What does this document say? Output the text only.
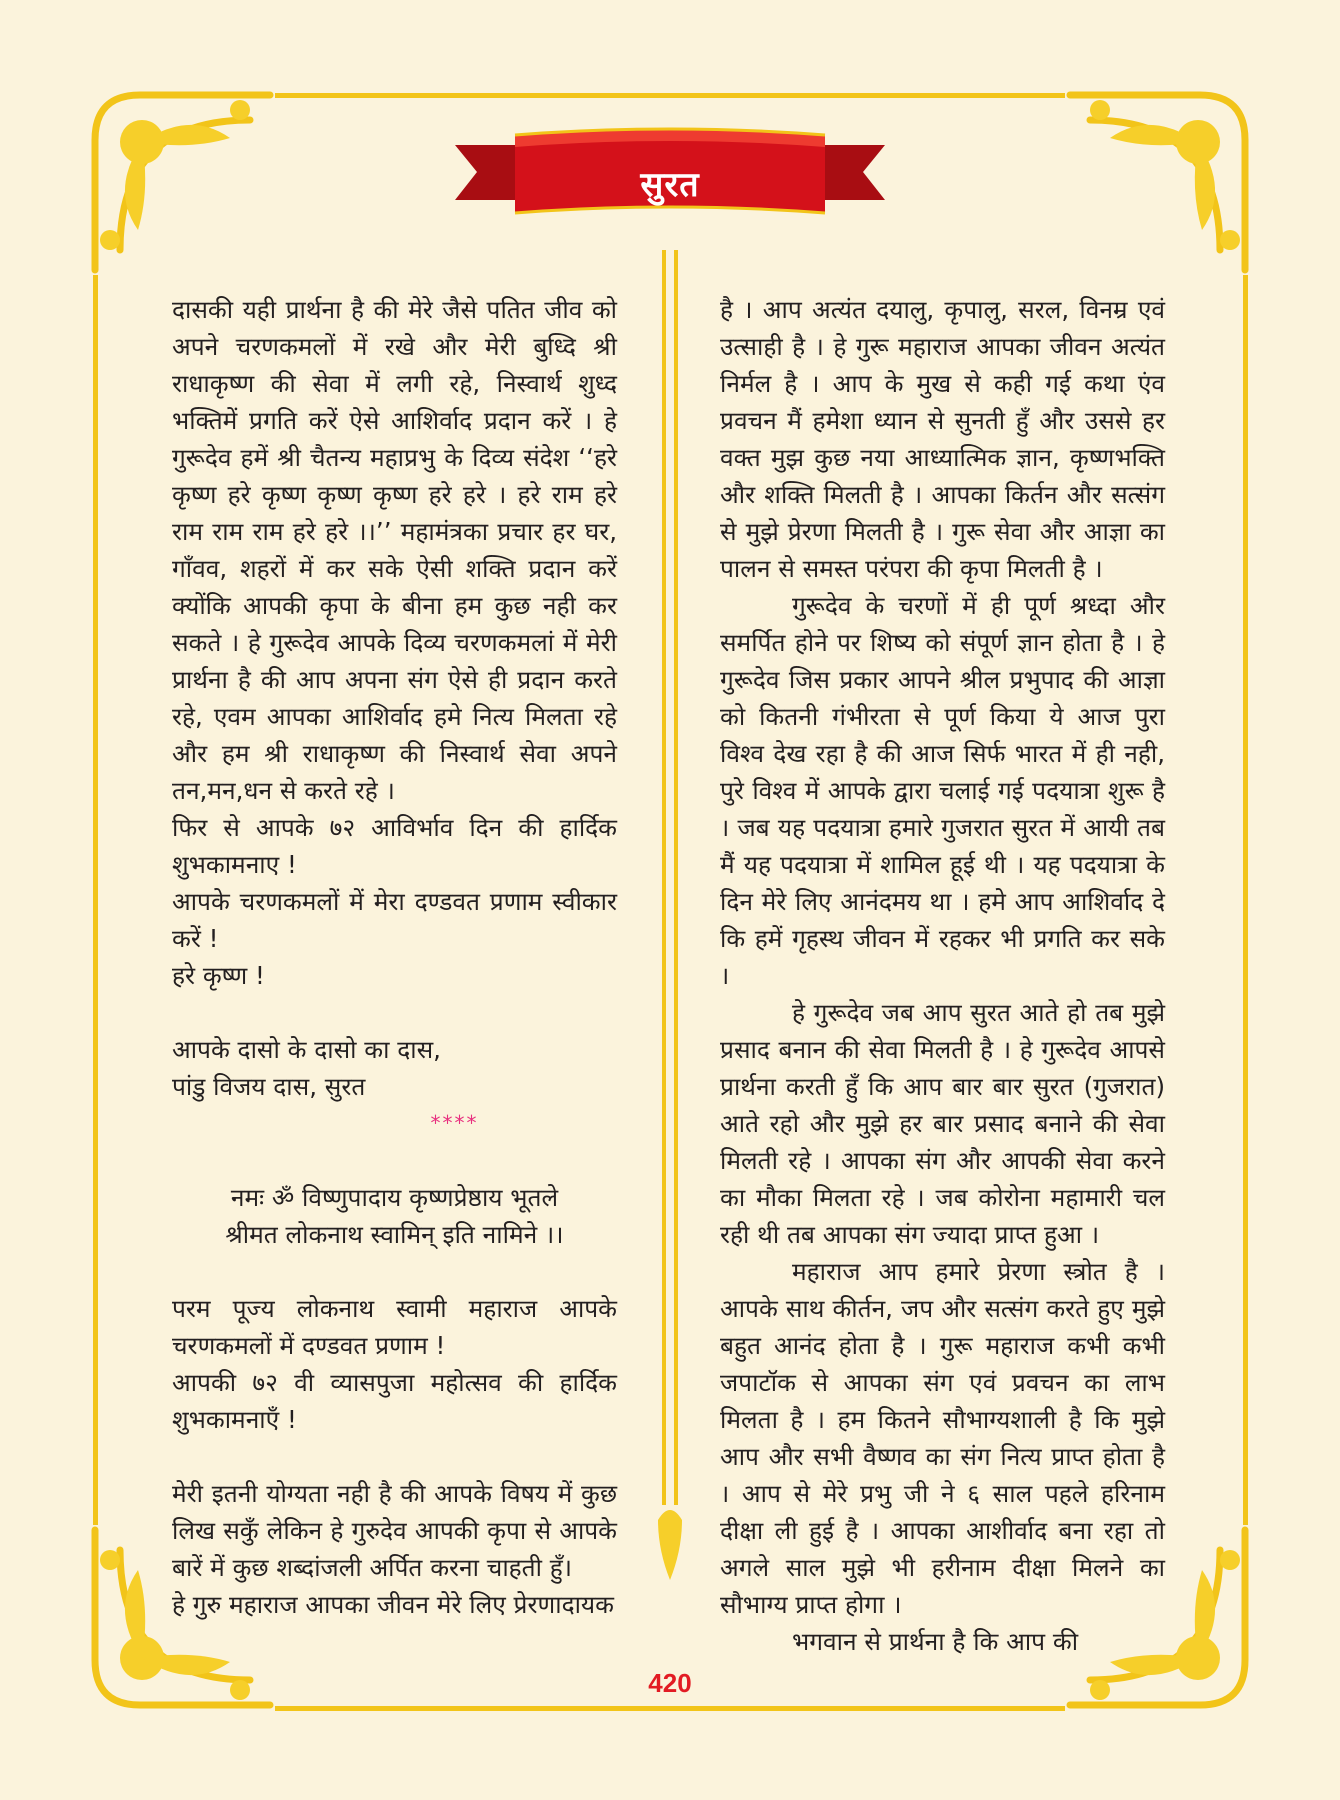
सुरत

दासकी यही प्रार्थना है की मेरे जैसे पतित जीव को अपने चरणकमलों में रखे और मेरी बुध्दि श्री राधाकृष्ण की सेवा में लगी रहे, निस्वार्थ शुध्द भक्तिमें प्रगति करें ऐसे आशिर्वाद प्रदान करें । हे गुरूदेव हमें श्री चैतन्य महाप्रभु के दिव्य संदेश ‘‘हरे कृष्ण हरे कृष्ण कृष्ण कृष्ण हरे हरे । हरे राम हरे राम राम राम हरे हरे ।।’’ महामंत्रका प्रचार हर घर, गाँवव, शहरों में कर सके ऐसी शक्ति प्रदान करें क्योंकि आपकी कृपा के बीना हम कुछ नही कर सकते । हे गुरूदेव आपके दिव्य चरणकमलां में मेरी प्रार्थना है की आप अपना संग ऐसे ही प्रदान करते रहे, एवम आपका आशिर्वाद हमे नित्य मिलता रहे और हम श्री राधाकृष्ण की निस्वार्थ सेवा अपने तन,मन,धन से करते रहे ।

फिर से आपके ७२ आविर्भाव दिन की हार्दिक शुभकामनाए !

आपके चरणकमलों में मेरा दण्डवत प्रणाम स्वीकार करें !

हरे कृष्ण !

आपके दासो के दासो का दास,

पांडु विजय दास, सुरत

****

नमः ॐ विष्णुपादाय कृष्णप्रेष्ठाय भूतले

श्रीमत लोकनाथ स्वामिन् इति नामिने ।।

परम पूज्य लोकनाथ स्वामी महाराज आपके चरणकमलों में दण्डवत प्रणाम !

आपकी ७२ वी व्यासपुजा महोत्सव की हार्दिक शुभकामनाएँ !

मेरी इतनी योग्यता नही है की आपके विषय में कुछ लिख सकुँ लेकिन हे गुरुदेव आपकी कृपा से आपके बारें में कुछ शब्दांजली अर्पित करना चाहती हुँ।

हे गुरु महाराज आपका जीवन मेरे लिए प्रेरणादायक

है । आप अत्यंत दयालु, कृपालु, सरल, विनम्र एवं उत्साही है । हे गुरू महाराज आपका जीवन अत्यंत निर्मल है । आप के मुख से कही गई कथा एंव प्रवचन मैं हमेशा ध्यान से सुनती हुँ और उससे हर वक्त मुझ कुछ नया आध्यात्मिक ज्ञान, कृष्णभक्ति और शक्ति मिलती है । आपका किर्तन और सत्संग से मुझे प्रेरणा मिलती है । गुरू सेवा और आज्ञा का पालन से समस्त परंपरा की कृपा मिलती है ।

गुरूदेव के चरणों में ही पूर्ण श्रध्दा और समर्पित होने पर शिष्य को संपूर्ण ज्ञान होता है । हे गुरूदेव जिस प्रकार आपने श्रील प्रभुपाद की आज्ञा को कितनी गंभीरता से पूर्ण किया ये आज पुरा विश्व देख रहा है की आज सिर्फ भारत में ही नही, पुरे विश्व में आपके द्वारा चलाई गई पदयात्रा शुरू है । जब यह पदयात्रा हमारे गुजरात सुरत में आयी तब मैं यह पदयात्रा में शामिल हूई थी । यह पदयात्रा के दिन मेरे लिए आनंदमय था । हमे आप आशिर्वाद दे कि हमें गृहस्थ जीवन में रहकर भी प्रगति कर सके ।

हे गुरूदेव जब आप सुरत आते हो तब मुझे प्रसाद बनान की सेवा मिलती है । हे गुरूदेव आपसे प्रार्थना करती हुँ कि आप बार बार सुरत (गुजरात) आते रहो और मुझे हर बार प्रसाद बनाने की सेवा मिलती रहे । आपका संग और आपकी सेवा करने का मौका मिलता रहे । जब कोरोना महामारी चल रही थी तब आपका संग ज्यादा प्राप्त हुआ ।

महाराज आप हमारे प्रेरणा स्त्रोत है । आपके साथ कीर्तन, जप और सत्संग करते हुए मुझे बहुत आनंद होता है । गुरू महाराज कभी कभी जपाटॉक से आपका संग एवं प्रवचन का लाभ मिलता है । हम कितने सौभाग्यशाली है कि मुझे आप और सभी वैष्णव का संग नित्य प्राप्त होता है । आप से मेरे प्रभु जी ने ६ साल पहले हरिनाम दीक्षा ली हुई है । आपका आशीर्वाद बना रहा तो अगले साल मुझे भी हरीनाम दीक्षा मिलने का सौभाग्य प्राप्त होगा ।

भगवान से प्रार्थना है कि आप की

420
